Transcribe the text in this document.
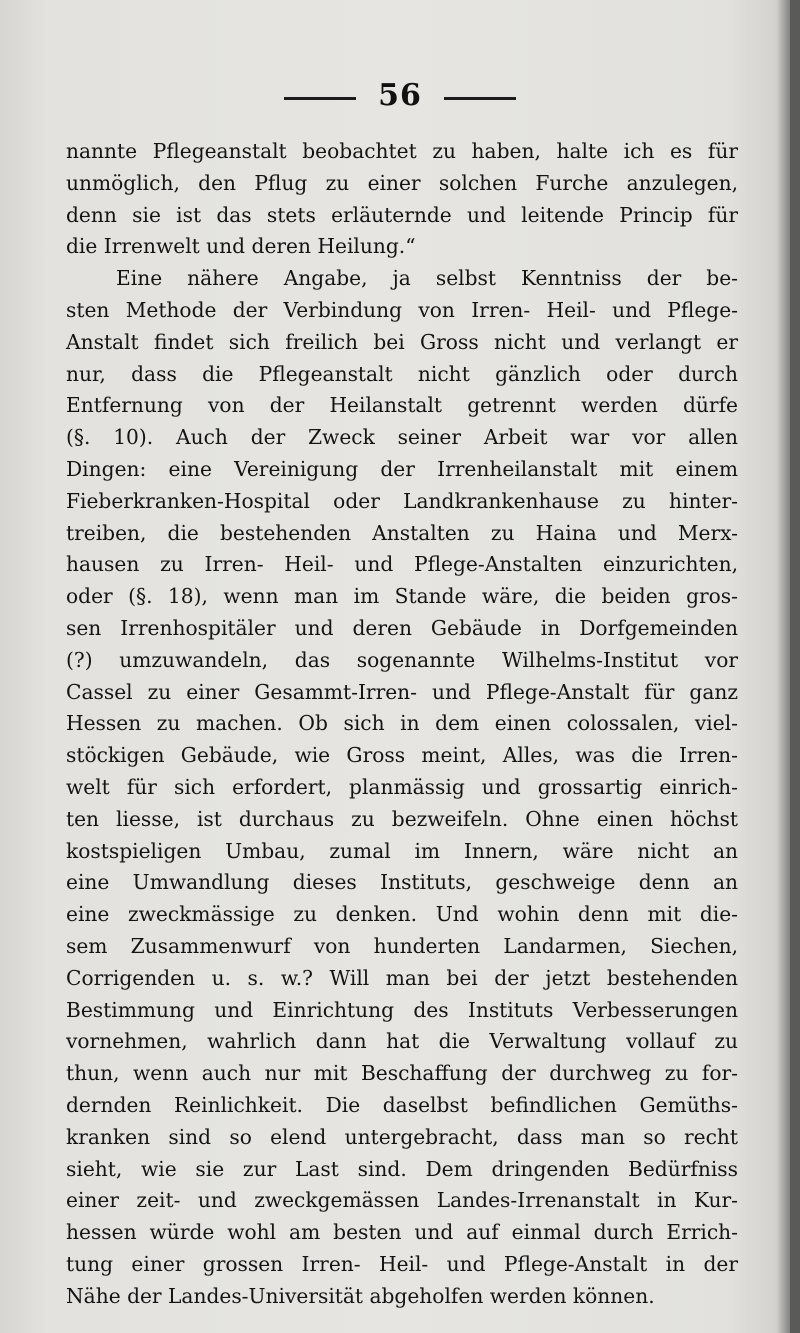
56
nannte Pflegeanstalt beobachtet zu haben, halte ich es für
unmöglich, den Pflug zu einer solchen Furche anzulegen,
denn sie ist das stets erläuternde und leitende Princip für
die Irrenwelt und deren Heilung.“
Eine nähere Angabe, ja selbst Kenntniss der be-
sten Methode der Verbindung von Irren- Heil- und Pflege-
Anstalt findet sich freilich bei Gross nicht und verlangt er
nur, dass die Pflegeanstalt nicht gänzlich oder durch
Entfernung von der Heilanstalt getrennt werden dürfe
(§. 10). Auch der Zweck seiner Arbeit war vor allen
Dingen: eine Vereinigung der Irrenheilanstalt mit einem
Fieberkranken-Hospital oder Landkrankenhause zu hinter-
treiben, die bestehenden Anstalten zu Haina und Merx-
hausen zu Irren- Heil- und Pflege-Anstalten einzurichten,
oder (§. 18), wenn man im Stande wäre, die beiden gros-
sen Irrenhospitäler und deren Gebäude in Dorfgemeinden
(?) umzuwandeln, das sogenannte Wilhelms-Institut vor
Cassel zu einer Gesammt-Irren- und Pflege-Anstalt für ganz
Hessen zu machen. Ob sich in dem einen colossalen, viel-
stöckigen Gebäude, wie Gross meint, Alles, was die Irren-
welt für sich erfordert, planmässig und grossartig einrich-
ten liesse, ist durchaus zu bezweifeln. Ohne einen höchst
kostspieligen Umbau, zumal im Innern, wäre nicht an
eine Umwandlung dieses Instituts, geschweige denn an
eine zweckmässige zu denken. Und wohin denn mit die-
sem Zusammenwurf von hunderten Landarmen, Siechen,
Corrigenden u. s. w.? Will man bei der jetzt bestehenden
Bestimmung und Einrichtung des Instituts Verbesserungen
vornehmen, wahrlich dann hat die Verwaltung vollauf zu
thun, wenn auch nur mit Beschaffung der durchweg zu for-
dernden Reinlichkeit. Die daselbst befindlichen Gemüths-
kranken sind so elend untergebracht, dass man so recht
sieht, wie sie zur Last sind. Dem dringenden Bedürfniss
einer zeit- und zweckgemässen Landes-Irrenanstalt in Kur-
hessen würde wohl am besten und auf einmal durch Errich-
tung einer grossen Irren- Heil- und Pflege-Anstalt in der
Nähe der Landes-Universität abgeholfen werden können.
